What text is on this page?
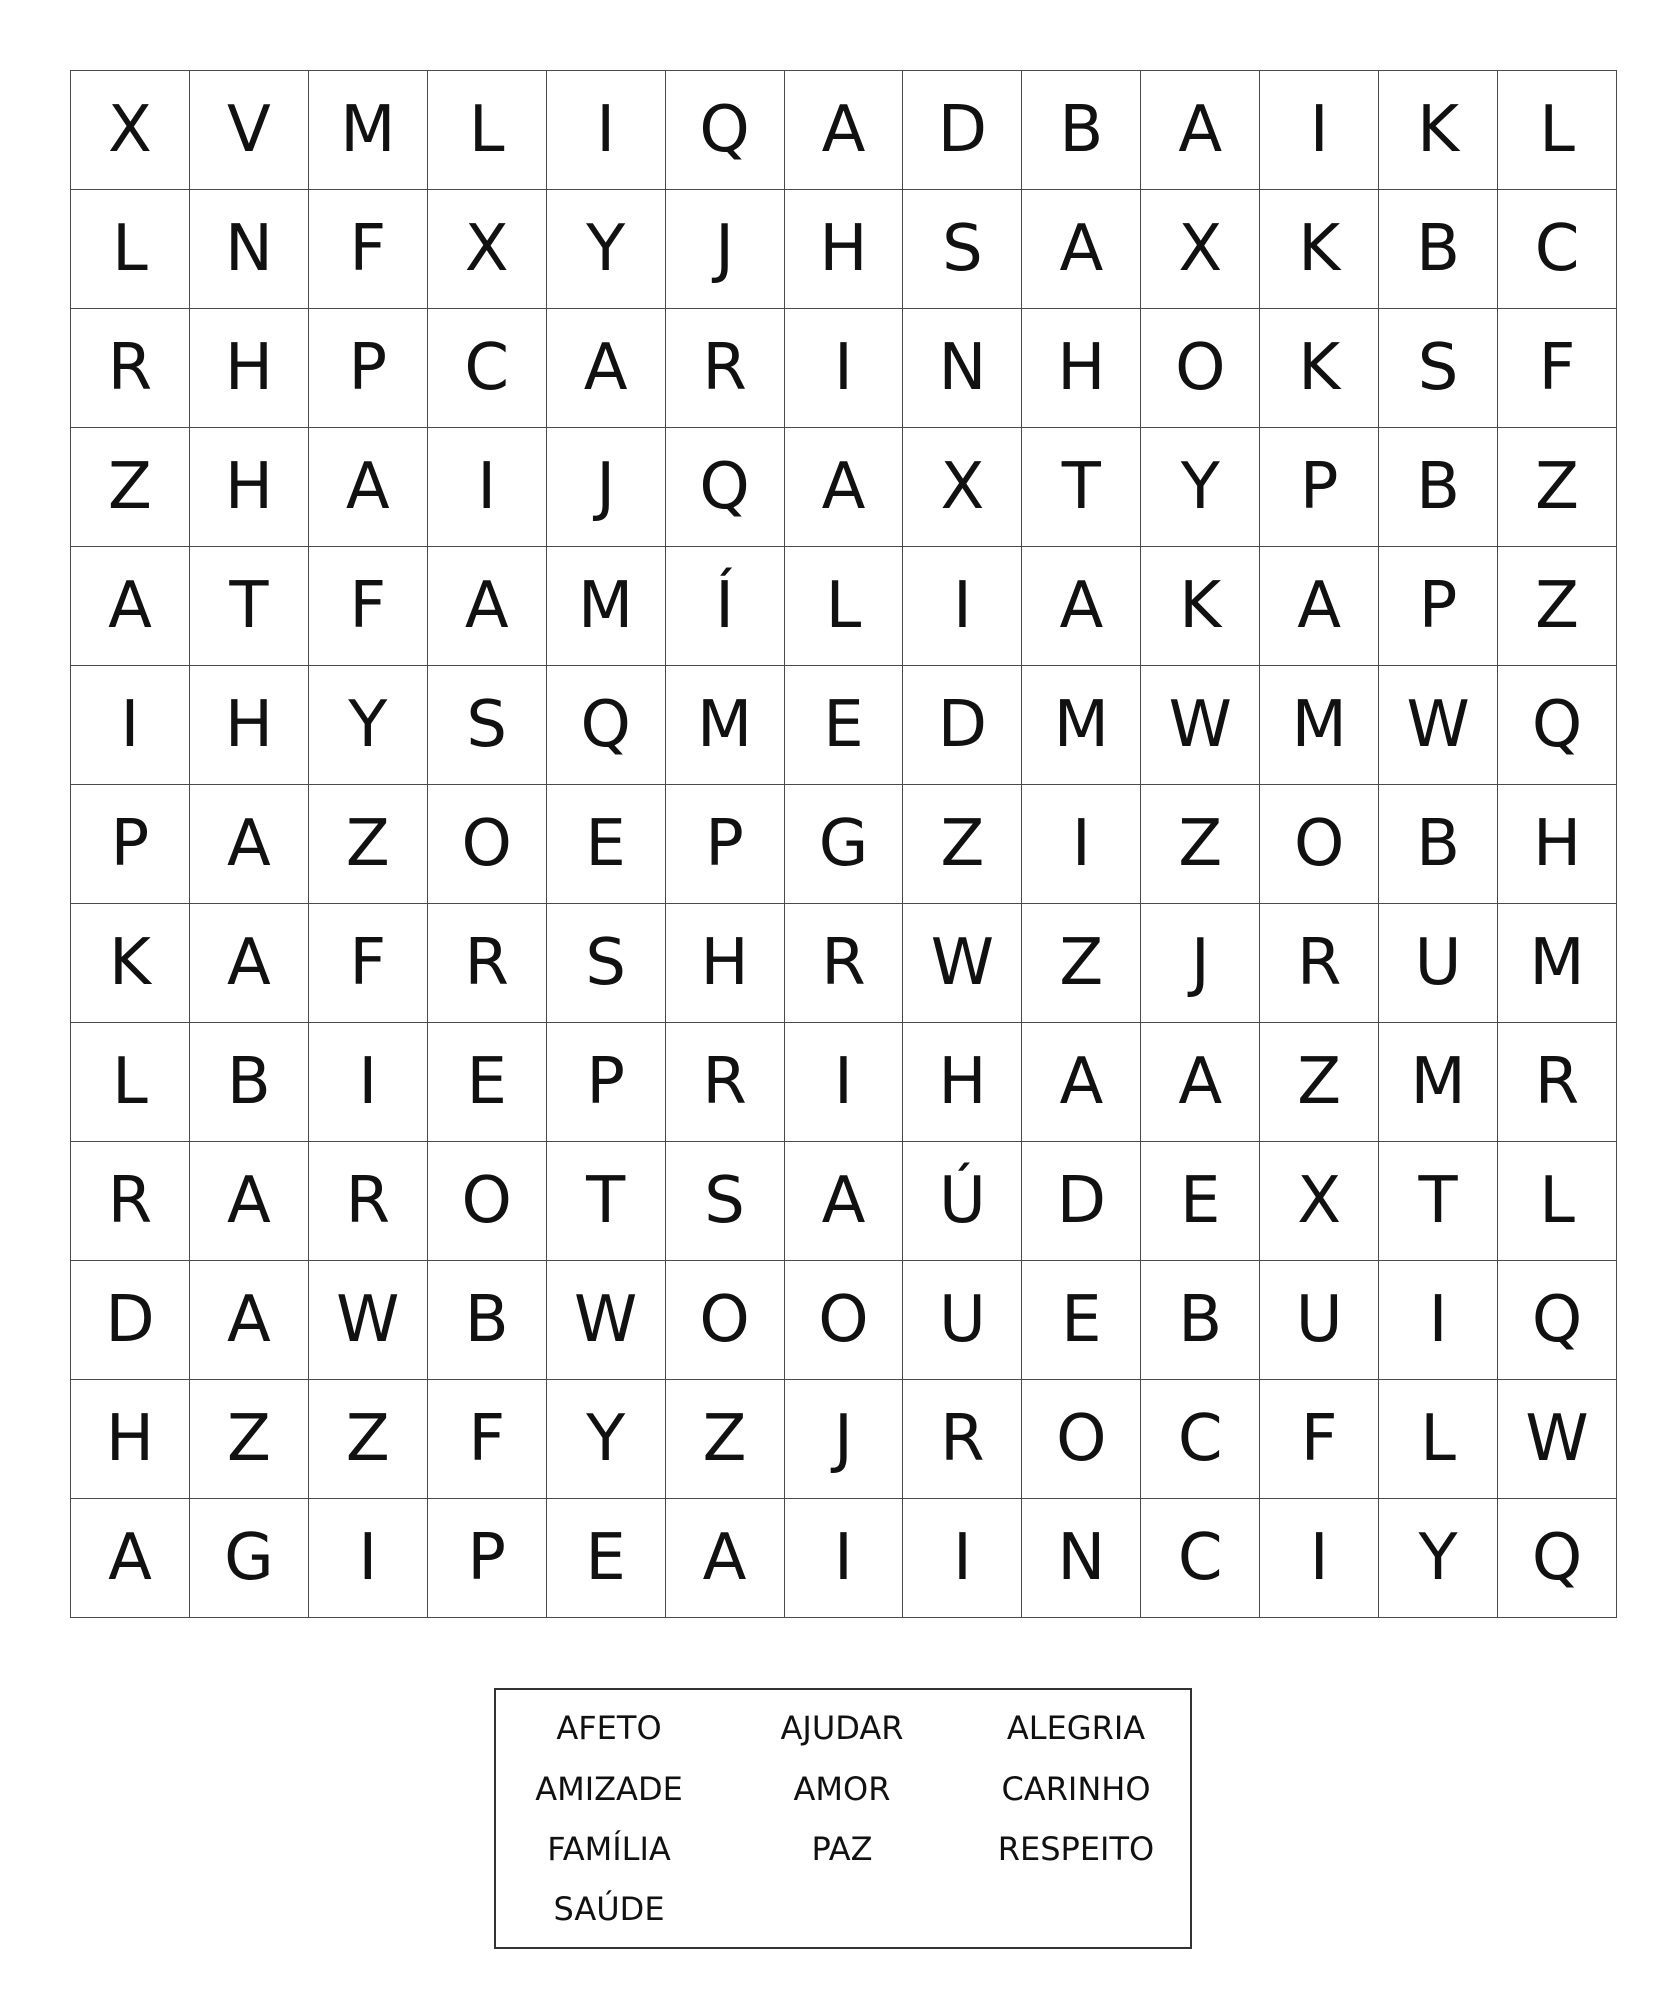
X	V	M	L	I	Q	A	D	B	A	I	K	L
L	N	F	X	Y	J	H	S	A	X	K	B	C
R	H	P	C	A	R	I	N	H	O	K	S	F
Z	H	A	I	J	Q	A	X	T	Y	P	B	Z
A	T	F	A	M	Í	L	I	A	K	A	P	Z
I	H	Y	S	Q	M	E	D	M W M W Q
P	A	Z	O	E	P	G	Z	I	Z	O	B	H
K	A	F	R	S	H	R	W	Z	J	R	U	M
L	B	I	E	P	R	I	H	A	A	Z	M	R
R	A	R	O	T	S	A	Ú	D	E	X	T	L
D	A	W	B	W O	O	U	E	B	U	I	Q
H	Z	Z	F	Y	Z	J	R	O	C	F	L	W
A	G	I	P	E	A	I	I	N	C	I	Y	Q
AFETO	AJUDAR	ALEGRIA
AMIZADE	AMOR	CARINHO
FAMÍLIA	PAZ	RESPEITO
SAÚDE
